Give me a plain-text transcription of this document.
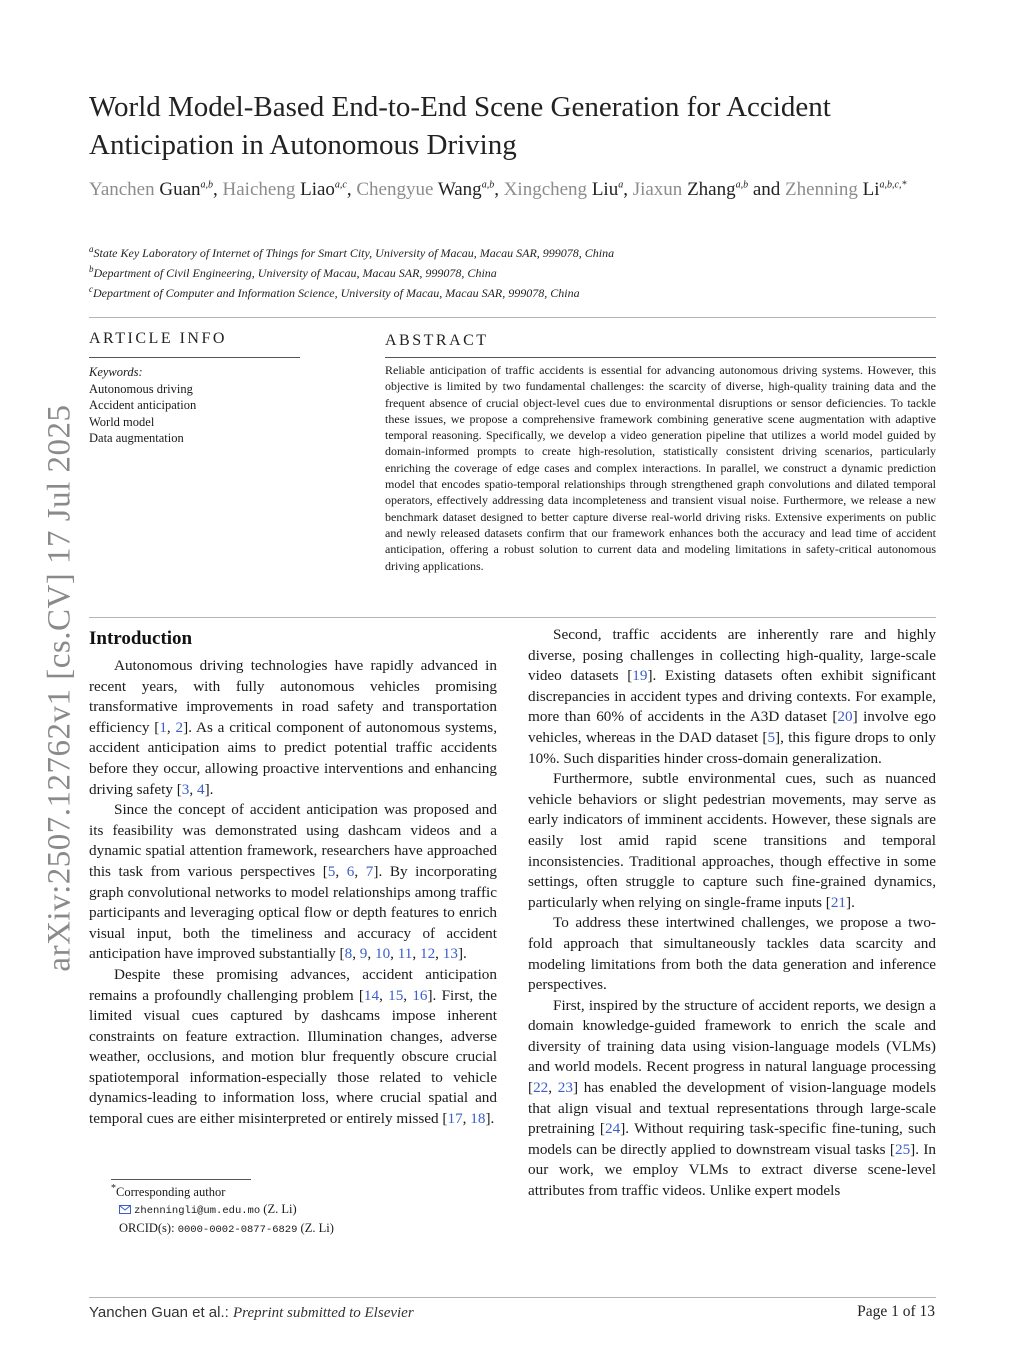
arXiv:2507.12762v1 [cs.CV] 17 Jul 2025
World Model-Based End-to-End Scene Generation for Accident Anticipation in Autonomous Driving
Yanchen Guan$^{a,b}$, Haicheng Liao$^{a,c}$, Chengyue Wang$^{a,b}$, Xingcheng Liu$^a$, Jiaxun Zhang$^{a,b}$ and Zhenning $Li^{a,b,c,*}$
$^a$State Key Laboratory of Internet of Things for Smart City, University of Macau, Macau SAR, 999078, China
$^b$Department of Civil Engineering, University of Macau, Macau SAR, 999078, China
$^c$Department of Computer and Information Science, University of Macau, Macau SAR, 999078, China
ARTICLE INFO	ABSTRACT
Keywords:
Autonomous driving
Accident anticipation
World model
Data augmentation
Reliable anticipation of traffic accidents is essential for advancing autonomous driving systems. However, this objective is limited by two fundamental challenges: the scarcity of diverse, high-quality training data and the frequent absence of crucial object-level cues due to environmental disruptions or sensor deficiencies. To tackle these issues, we propose a comprehensive framework combining generative scene augmentation with adaptive temporal reasoning. Specifically, we develop a video generation pipeline that utilizes a world model guided by domain-informed prompts to create high-resolution, statistically consistent driving scenarios, particularly enriching the coverage of edge cases and complex interactions. In parallel, we construct a dynamic prediction model that encodes spatio-temporal relationships through strengthened graph convolutions and dilated temporal operators, effectively addressing data incompleteness and transient visual noise. Furthermore, we release a new benchmark dataset designed to better capture diverse real-world driving risks. Extensive experiments on public and newly released datasets confirm that our framework enhances both the accuracy and lead time of accident anticipation, offering a robust solution to current data and modeling limitations in safety-critical autonomous driving applications.
Introduction

Autonomous driving technologies have rapidly advanced in recent years, with fully autonomous vehicles promising transformative improvements in road safety and transportation efficiency [1, 2]. As a critical component of autonomous systems, accident anticipation aims to predict potential traffic accidents before they occur, allowing proactive interventions and enhancing driving safety [3, 4].

Since the concept of accident anticipation was proposed and its feasibility was demonstrated using dashcam videos and a dynamic spatial attention framework, researchers have approached this task from various perspectives [5, 6, 7]. By incorporating graph convolutional networks to model relationships among traffic participants and leveraging optical flow or depth features to enrich visual input, both the timeliness and accuracy of accident anticipation have improved substantially [8, 9, 10, 11, 12, 13].

Despite these promising advances, accident anticipation remains a profoundly challenging problem [14, 15, 16]. First, the limited visual cues captured by dashcams impose inherent constraints on feature extraction. Illumination changes, adverse weather, occlusions, and motion blur frequently obscure crucial spatiotemporal information-especially those related to vehicle dynamics-leading to information loss, where crucial spatial and temporal cues are either misinterpreted or entirely missed [17, 18].

Second, traffic accidents are inherently rare and highly diverse, posing challenges in collecting high-quality, large-scale video datasets [19]. Existing datasets often exhibit significant discrepancies in accident types and driving contexts. For example, more than 60% of accidents in the A3D dataset [20] involve ego vehicles, whereas in the DAD dataset [5], this figure drops to only 10%. Such disparities hinder cross-domain generalization.

Furthermore, subtle environmental cues, such as nuanced vehicle behaviors or slight pedestrian movements, may serve as early indicators of imminent accidents. However, these signals are easily lost amid rapid scene transitions and temporal inconsistencies. Traditional approaches, though effective in some settings, often struggle to capture such fine-grained dynamics, particularly when relying on single-frame inputs [21].

To address these intertwined challenges, we propose a two-fold approach that simultaneously tackles data scarcity and modeling limitations from both the data generation and inference perspectives.

First, inspired by the structure of accident reports, we design a domain knowledge-guided framework to enrich the scale and diversity of training data using vision-language models (VLMs) and world models. Recent progress in natural language processing [22, 23] has enabled the development of vision-language models that align visual and textual representations through large-scale pretraining [24]. Without requiring task-specific fine-tuning, such models can be directly applied to downstream visual tasks [25]. In our work, we employ VLMs to extract diverse scene-level attributes from traffic videos. Unlike expert models

*Corresponding author
zhenningli@um.edu.mo (Z. Li)
ORCID(s): 0000-0002-0877-6829 (Z. Li)
Yanchen Guan et al.: Preprint submitted to Elsevier	Page 1 of 13
